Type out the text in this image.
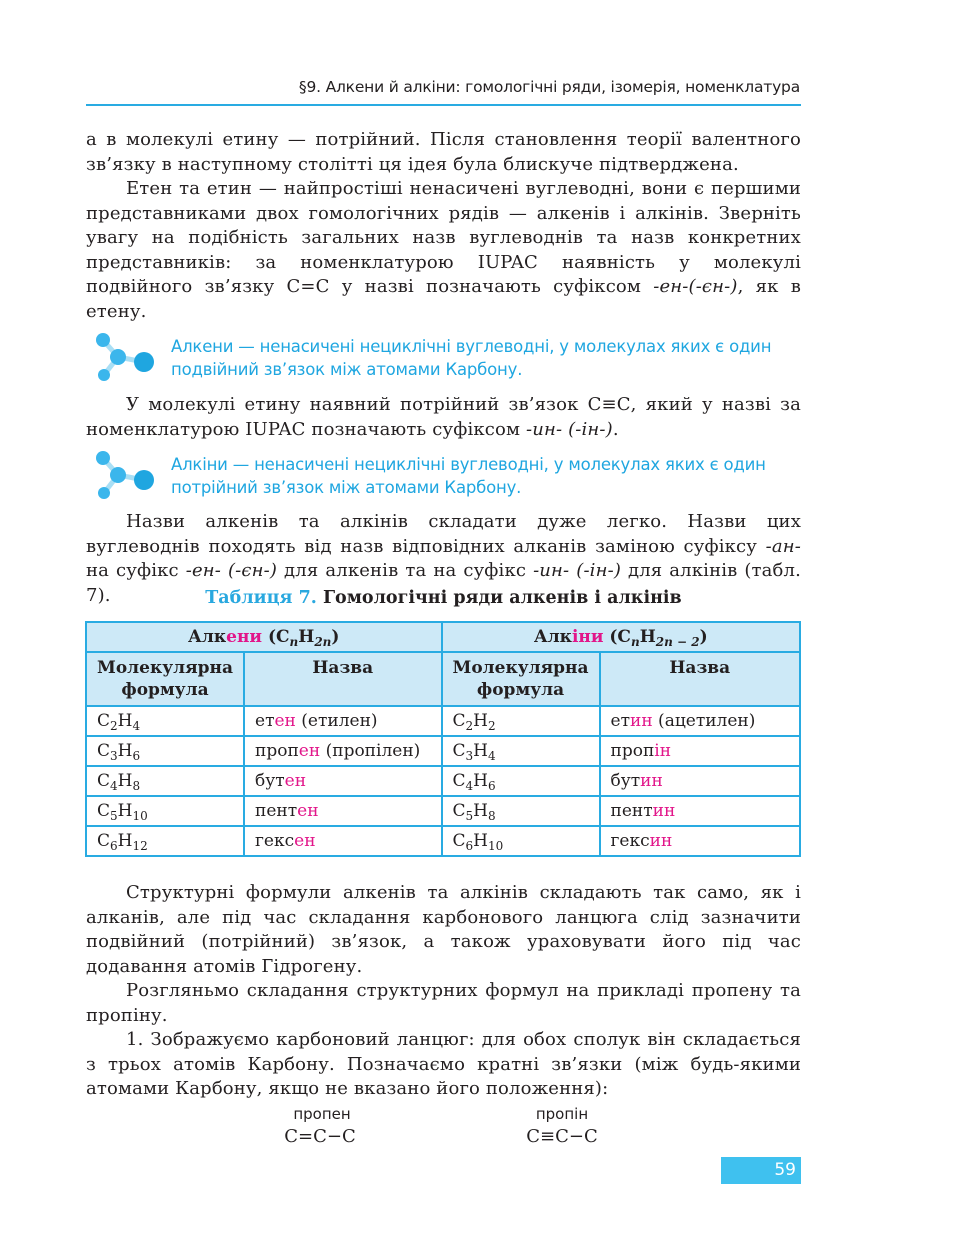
§9. Алкени й алкіни: гомологічні ряди, ізомерія, номенклатура

а в молекулі етину — потрійний. Після становлення теорії валентного зв’язку в наступному столітті ця ідея була блискуче підтверджена.

Етен та етин — найпростіші ненасичені вуглеводні, вони є першими представниками двох гомологічних рядів — алкенів і алкінів. Зверніть увагу на подібність загальних назв вуглеводнів та назв конкретних представників: за номенклатурою IUPAC наявність у молекулі подвійного зв’язку С=С у назві позначають суфіксом -ен-(-єн-), як в етену.

Алкени — ненасичені нециклічні вуглеводні, у молекулах яких є один подвійний зв’язок між атомами Карбону.

У молекулі етину наявний потрійний зв’язок С≡С, який у назві за номенклатурою IUPAC позначають суфіксом -ин- (-ін-).

Алкіни — ненасичені нециклічні вуглеводні, у молекулах яких є один потрійний зв’язок між атомами Карбону.

Назви алкенів та алкінів складати дуже легко. Назви цих вуглеводнів походять від назв відповідних алканів заміною суфіксу -ан- на суфікс -ен- (-єн-) для алкенів та на суфікс -ин- (-ін-) для алкінів (табл. 7).	Таблиця 7. Гомологічні ряди алкенів і алкінів
Алкени $(C_nH_{2n})$		Алкіни $(C_nH_{2n - 2})$	
Молекулярна формула	Назва	Молекулярна формула	Назва
$C_2H_4$	етен (етилен)	$C_2H_2$	етин (ацетилен)
$C_3H_6$	пропен (пропілен)	$C_3H_4$	пропін
$C_4H_8$	бутен	$C_4H_6$	бутин
$C_5H_{10}$	пентен	$C_5H_8$	пентин
$C_6H_{12}$	гексен	$C_6H_{10}$	гексин

Структурні формули алкенів та алкінів складають так само, як і алканів, але під час складання карбонового ланцюга слід зазначити подвійний (потрійний) зв’язок, а також ураховувати його під час додавання атомів Гідрогену.

Розгляньмо складання структурних формул на прикладі пропену та пропіну.

1. Зображуємо карбоновий ланцюг: для обох сполук він складається з трьох атомів Карбону. Позначаємо кратні зв’язки (між будь-якими атомами Карбону, якщо не вказано його положення):

пропен
C=C−C
пропін
C≡C−C
59
